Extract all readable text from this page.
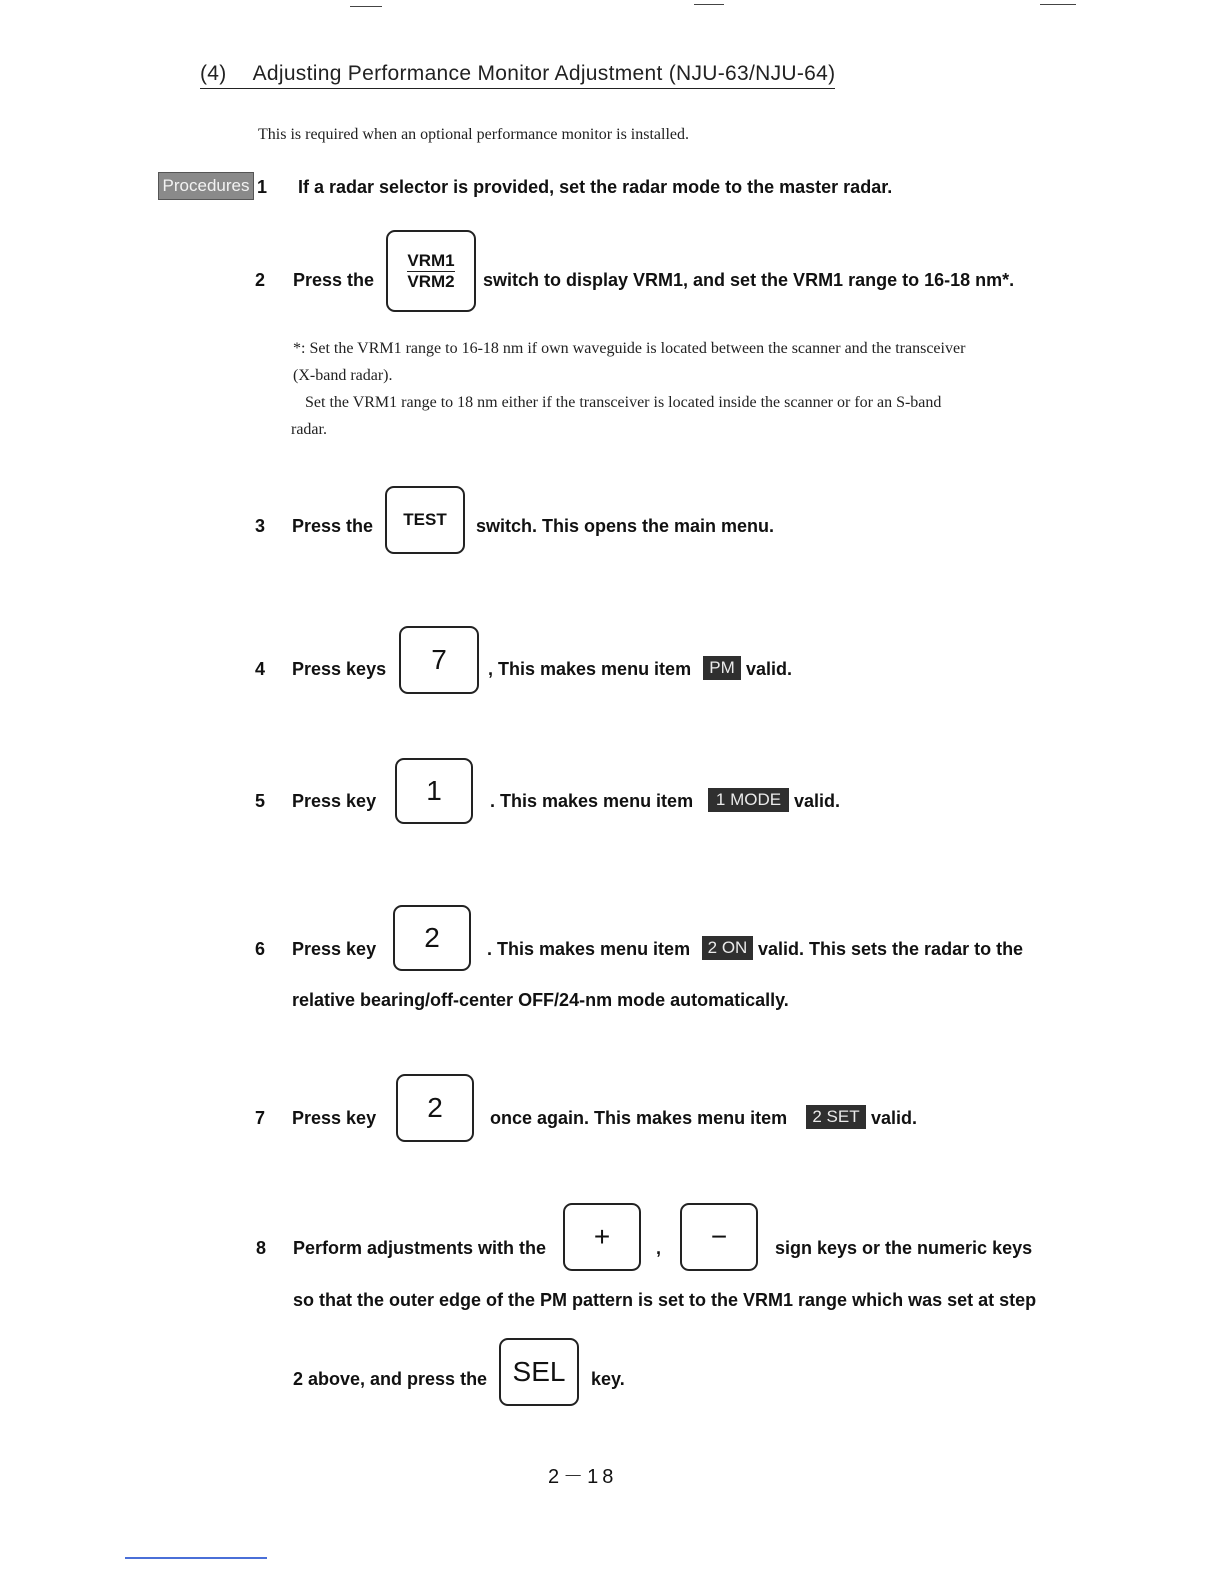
(4) Adjusting Performance Monitor Adjustment (NJU-63/NJU-64)
This is required when an optional performance monitor is installed.
Procedures 1 If a radar selector is provided, set the radar mode to the master radar.
2 Press the
VRM1
VRM2 switch to display VRM1, and set the VRM1 range to 16-18 nm*.
*: Set the VRM1 range to 16-18 nm if own waveguide is located between the scanner and the transceiver
(X-band radar).
Set the VRM1 range to 18 nm either if the transceiver is located inside the scanner or for an S-band
radar.
3 Press the TEST switch. This opens the main menu.
4 Press keys 7 , This makes menu item	PM valid.
5 Press key 1	. This makes menu item	1 MODE valid.
6 Press key 2	. This makes menu item	2 ON valid. This sets the radar to the
relative bearing/off-center OFF/24-nm mode automatically.
7 Press key 2	once again. This makes menu item	2 SET valid.
8 Perform adjustments with the +	, −	sign keys or the numeric keys
so that the outer edge of the PM pattern is set to the VRM1 range which was set at step
2 above, and press the SEL key.
2－18
